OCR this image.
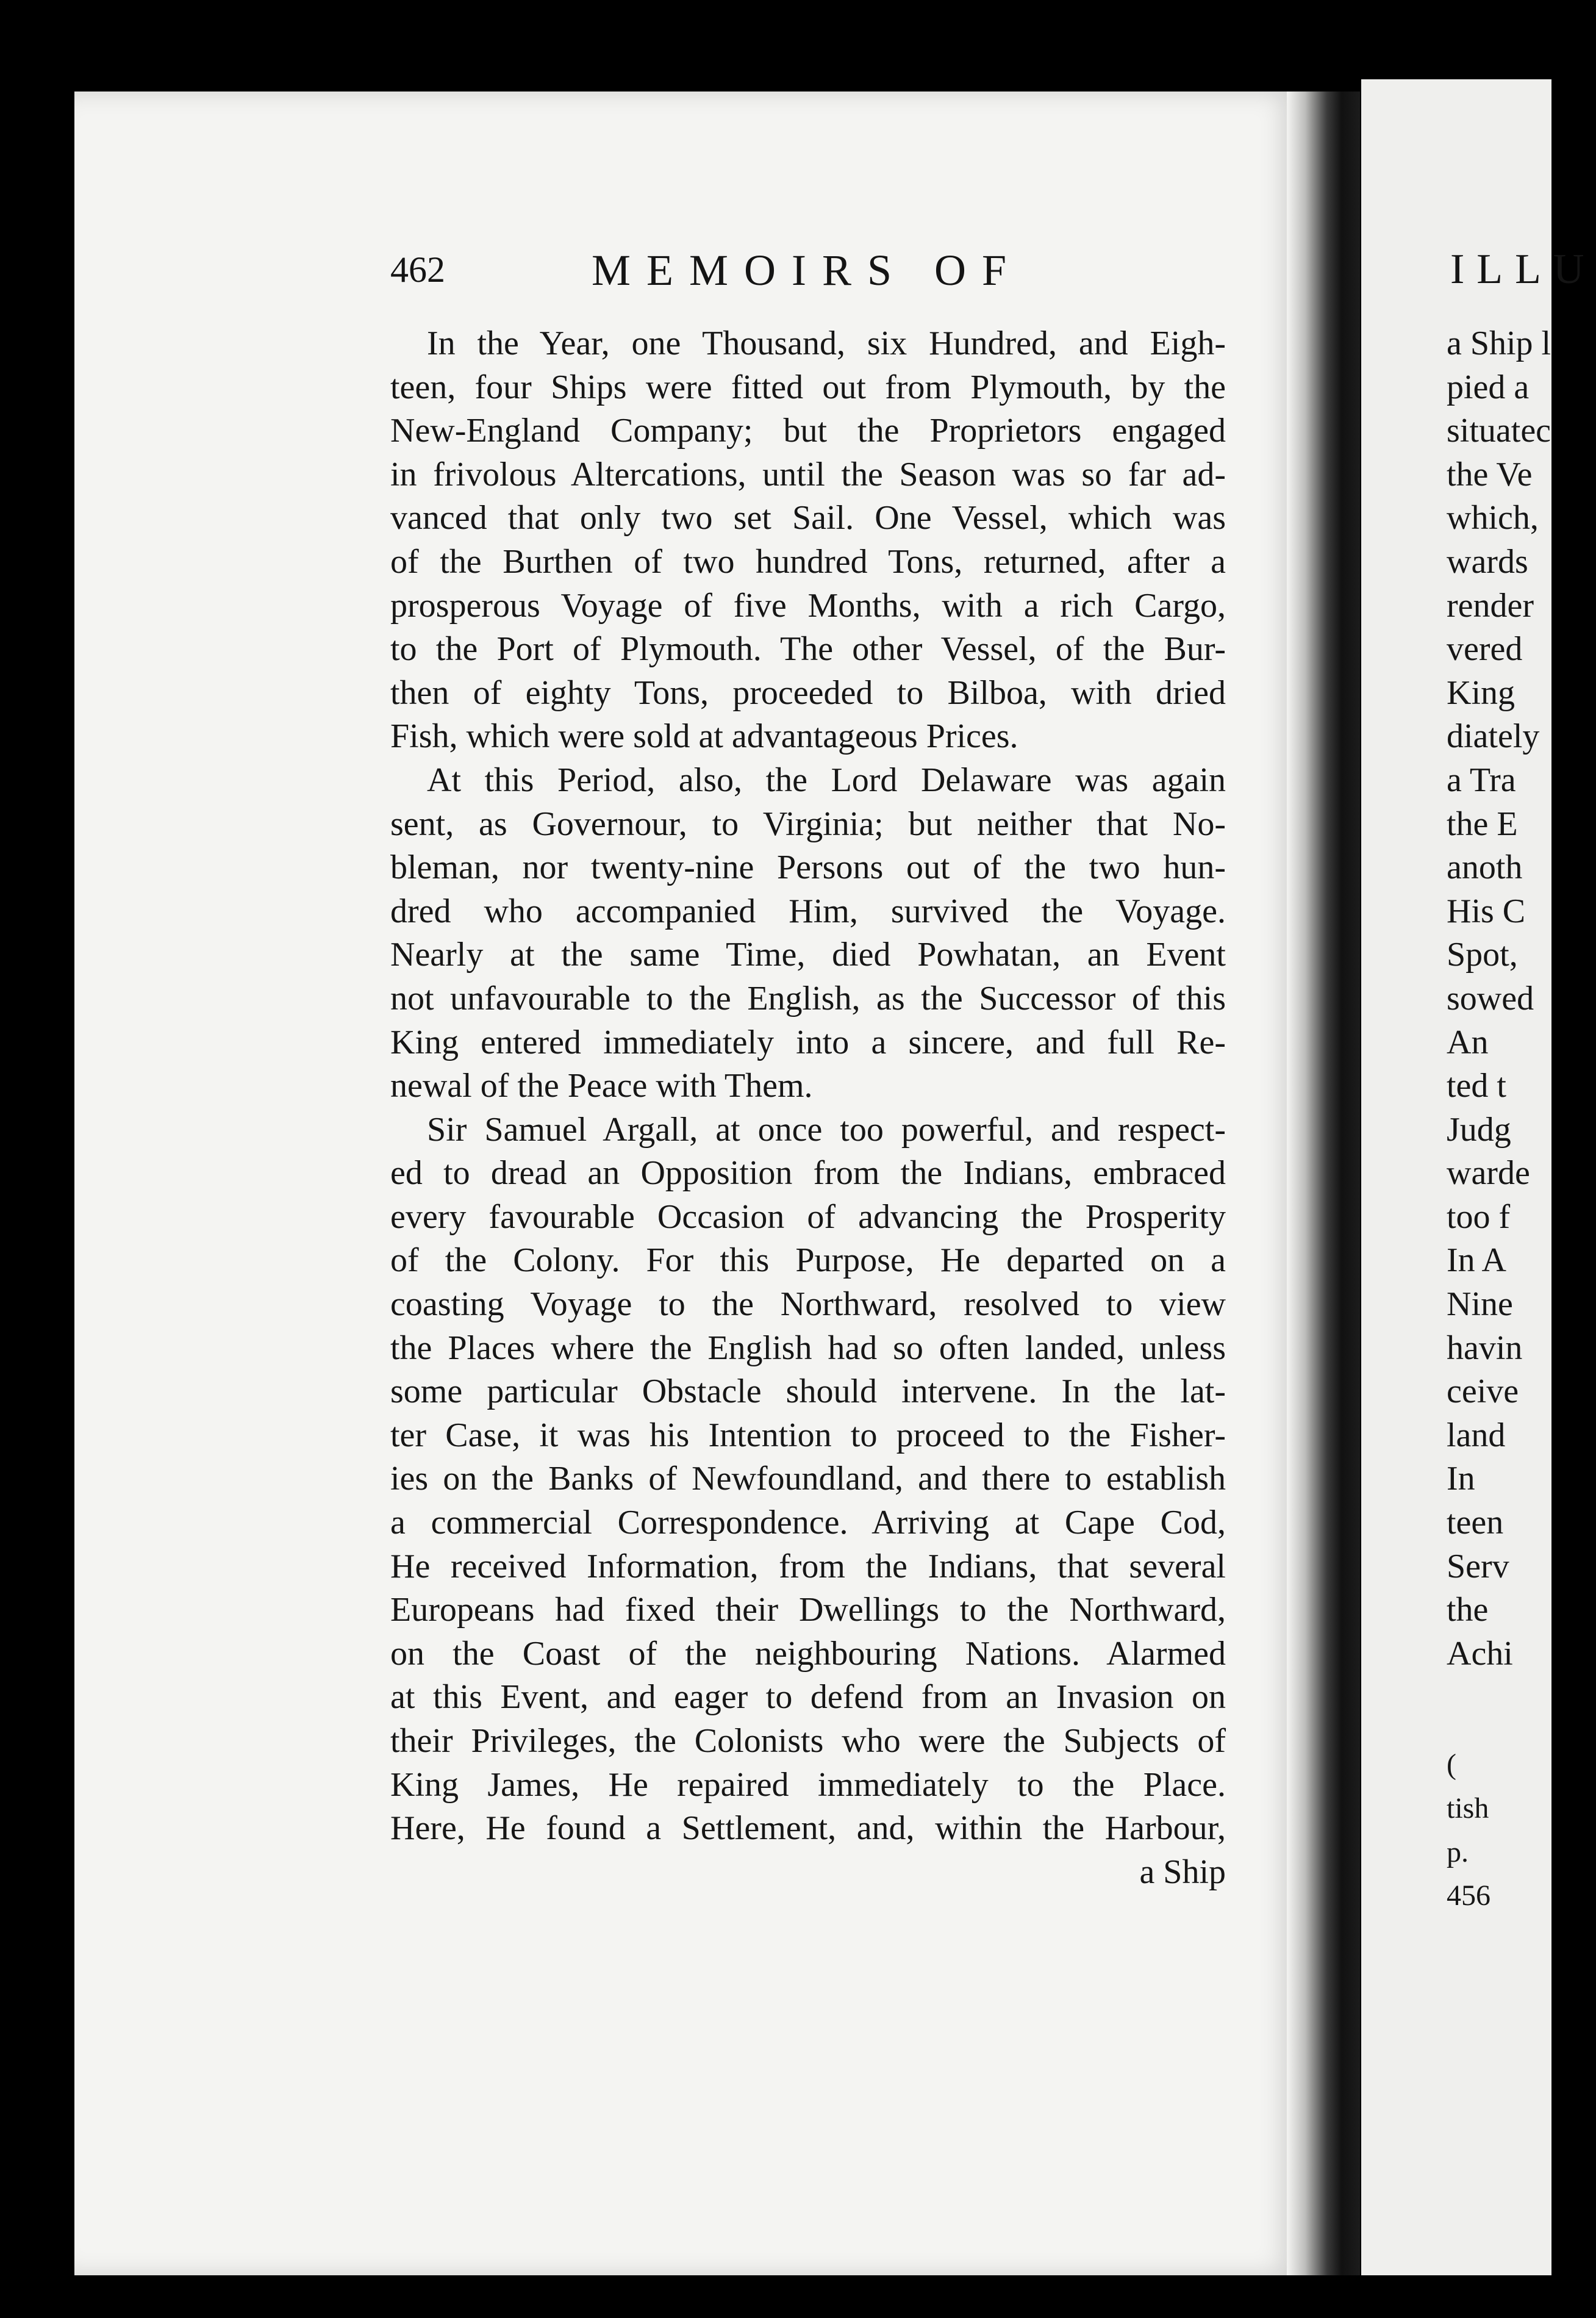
462	MEMOIRS OF
In the Year, one Thousand, six Hundred, and Eigh-
teen, four Ships were fitted out from Plymouth, by the
New-England Company; but the Proprietors engaged
in frivolous Altercations, until the Season was so far ad-
vanced that only two set Sail. One Vessel, which was
of the Burthen of two hundred Tons, returned, after a
prosperous Voyage of five Months, with a rich Cargo,
to the Port of Plymouth. The other Vessel, of the Bur-
then of eighty Tons, proceeded to Bilboa, with dried
Fish, which were sold at advantageous Prices.
At this Period, also, the Lord Delaware was again
sent, as Governour, to Virginia; but neither that No-
bleman, nor twenty-nine Persons out of the two hun-
dred who accompanied Him, survived the Voyage.
Nearly at the same Time, died Powhatan, an Event
not unfavourable to the English, as the Successor of this
King entered immediately into a sincere, and full Re-
newal of the Peace with Them.
Sir Samuel Argall, at once too powerful, and respect-
ed to dread an Opposition from the Indians, embraced
every favourable Occasion of advancing the Prosperity
of the Colony. For this Purpose, He departed on a
coasting Voyage to the Northward, resolved to view
the Places where the English had so often landed, unless
some particular Obstacle should intervene. In the lat-
ter Case, it was his Intention to proceed to the Fisher-
ies on the Banks of Newfoundland, and there to establish
a commercial Correspondence. Arriving at Cape Cod,
He received Information, from the Indians, that several
Europeans had fixed their Dwellings to the Northward,
on the Coast of the neighbouring Nations. Alarmed
at this Event, and eager to defend from an Invasion on
their Privileges, the Colonists who were the Subjects of
King James, He repaired immediately to the Place.
Here, He found a Settlement, and, within the Harbour,
a Ship
ILLU
a Ship l
pied a
situatec
the Ve
which,
wards
render
vered
King
diately
a Tra
the E
anoth
His C
Spot,
sowed
An
ted t
Judg
warde
too f
In A
Nine
havin
ceive
land
In
teen
Serv
the
Achi
(
tish
p.
456
